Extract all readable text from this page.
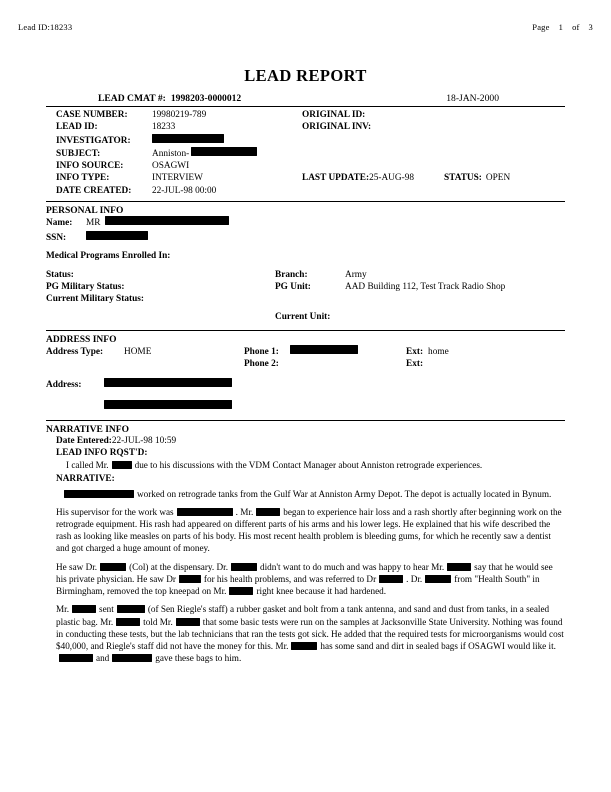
Lead ID:18233	Page 1 of 3
LEAD REPORT
LEAD CMAT #: 1998203-0000012	18-JAN-2000
CASE NUMBER:	19980219-789	ORIGINAL ID:
LEAD ID:	18233	ORIGINAL INV:
INVESTIGATOR:
SUBJECT:	Anniston-
INFO SOURCE:	OSAGWI
INFO TYPE:	INTERVIEW	LAST UPDATE: 25-AUG-98	STATUS: OPEN
DATE CREATED:	22-JUL-98 00:00
PERSONAL INFO
Name:	MR
SSN:
Medical Programs Enrolled In:
Status:	Branch:	Army
PG Military Status:	PG Unit:	AAD Building 112, Test Track Radio Shop
Current Military Status:
Current Unit:
ADDRESS INFO
Address Type:	HOME	Phone 1:	Ext: home
Phone 2:	Ext:
Address:
NARRATIVE INFO
Date Entered: 22-JUL-98 10:59
LEAD INFO RQST'D:
I called Mr.	due to his discussions with the VDM Contact Manager about Anniston retrograde experiences.
NARRATIVE:

worked on retrograde tanks from the Gulf War at Anniston Army Depot. The depot is actually located in Bynum.

His supervisor for the work was	. Mr.	began to experience hair loss and a rash shortly after beginning work on the retrograde equipment. His rash had appeared on different parts of his arms and his lower legs. He explained that his wife described the rash as looking like measles on parts of his body. His most recent health problem is bleeding gums, for which he recently saw a dentist and got charged a huge amount of money.

He saw Dr.	(Col) at the dispensary. Dr.	didn't want to do much and was happy to hear Mr.	say that he would see his private physician. He saw Dr	for his health problems, and was referred to Dr	. Dr.	from "Health South" in Birmingham, removed the top kneepad on Mr.	right knee because it had hardened.

Mr.	sent	(of Sen Riegle's staff) a rubber gasket and bolt from a tank antenna, and sand and dust from tanks, in a sealed plastic bag. Mr.	told Mr.	that some basic tests were run on the samples at Jacksonville State University. Nothing was found in conducting these tests, but the lab technicians that ran the tests got sick. He added that the required tests for microorganisms would cost $40,000, and Riegle's staff did not have the money for this. Mr.	has some sand and dirt in sealed bags if OSAGWI would like it.and	gave these bags to him.
